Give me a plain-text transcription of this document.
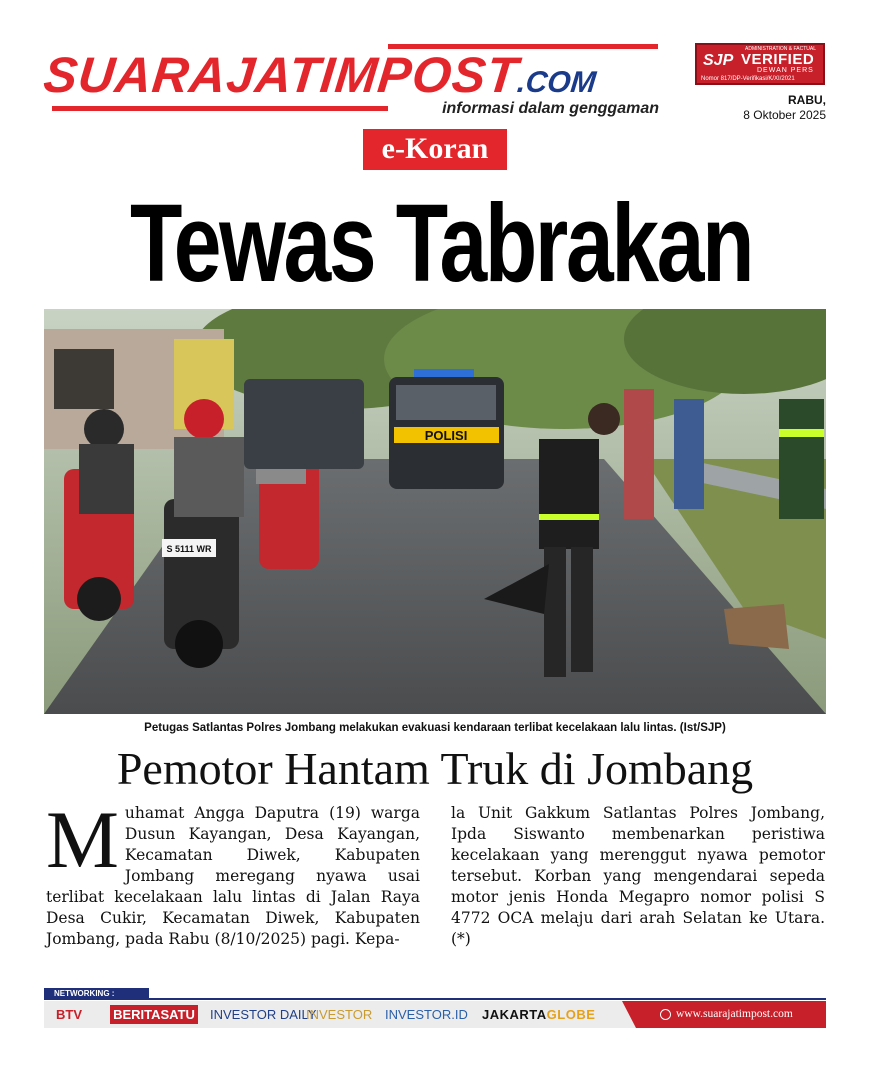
SUARAJATIMPOST.COM
informasi dalam genggaman
e-Koran
SJP
ADMINISTRATION & FACTUAL
VERIFIED
DEWAN PERS
Nomor 817/DP-Verifikasi/K/XI/2021
RABU,
8 Oktober 2025
Tewas Tabrakan
POLISI
S 5111 WR
Petugas Satlantas Polres Jombang melakukan evakuasi kendaraan terlibat kecelakaan lalu lintas. (Ist/SJP)
Pemotor Hantam Truk di Jombang
Muhamat Angga Daputra (19) warga Dusun Kayangan, Desa Kayangan, Kecamatan Diwek, Kabupaten Jombang meregang nyawa usai terlibat kecelakaan lalu lintas di Jalan Raya Desa Cukir, Kecamatan Diwek, Kabupaten Jombang, pada Rabu (8/10/2025) pagi. Kepa-
la Unit Gakkum Satlantas Polres Jombang, Ipda Siswanto membenarkan peristiwa kecelakaan yang merenggut nyawa pemotor tersebut. Korban yang mengendarai sepeda motor jenis Honda Megapro nomor polisi S 4772 OCA melaju dari arah Selatan ke Utara.(*)
NETWORKING :
BTV BERITASATU INVESTOR DAILY
INVESTOR INVESTOR.ID JAKARTAGLOBE	www.suarajatimpost.com
